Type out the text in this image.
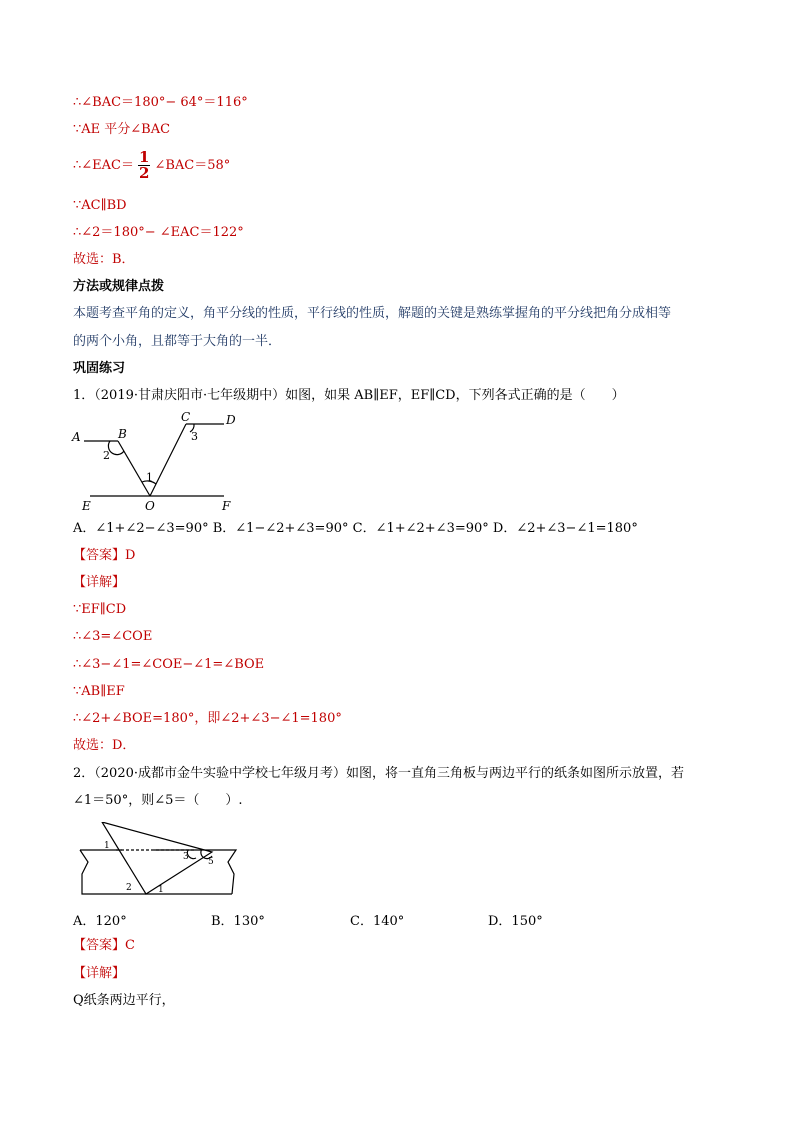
∴∠BAC＝180°− 64°＝116°
∵AE 平分∠BAC
∴∠EAC＝ $\frac{1}{2}$ ∠BAC＝58°
∵AC∥BD
∴∠2＝180°− ∠EAC＝122°
故选：B．
方法或规律点拨
本题考查平角的定义，角平分线的性质，平行线的性质，解题的关键是熟练掌握角的平分线把角分成相等
的两个小角，且都等于大角的一半．
巩固练习
1．（2019·甘肃庆阳市·七年级期中）如图，如果 AB∥EF，EF∥CD，下列各式正确的是（　　）
A	B
C	D
E	F
O
2
1
3
A．∠1+∠2−∠3=90° B．∠1−∠2+∠3=90° C．∠1+∠2+∠3=90° D．∠2+∠3−∠1=180°
【答案】D
【详解】
∵EF∥CD
∴∠3=∠COE
∴∠3−∠1=∠COE−∠1=∠BOE
∵AB∥EF
∴∠2+∠BOE=180°，即∠2+∠3−∠1=180°
故选：D．
2．（2020·成都市金牛实验中学校七年级月考）如图，将一直角三角板与两边平行的纸条如图所示放置，若
∠1＝50°，则∠5＝（　　）.
1
3 5
2	1
A．120°	B．130°	C．140°	D．150°
【答案】C
【详解】
Q纸条两边平行，
